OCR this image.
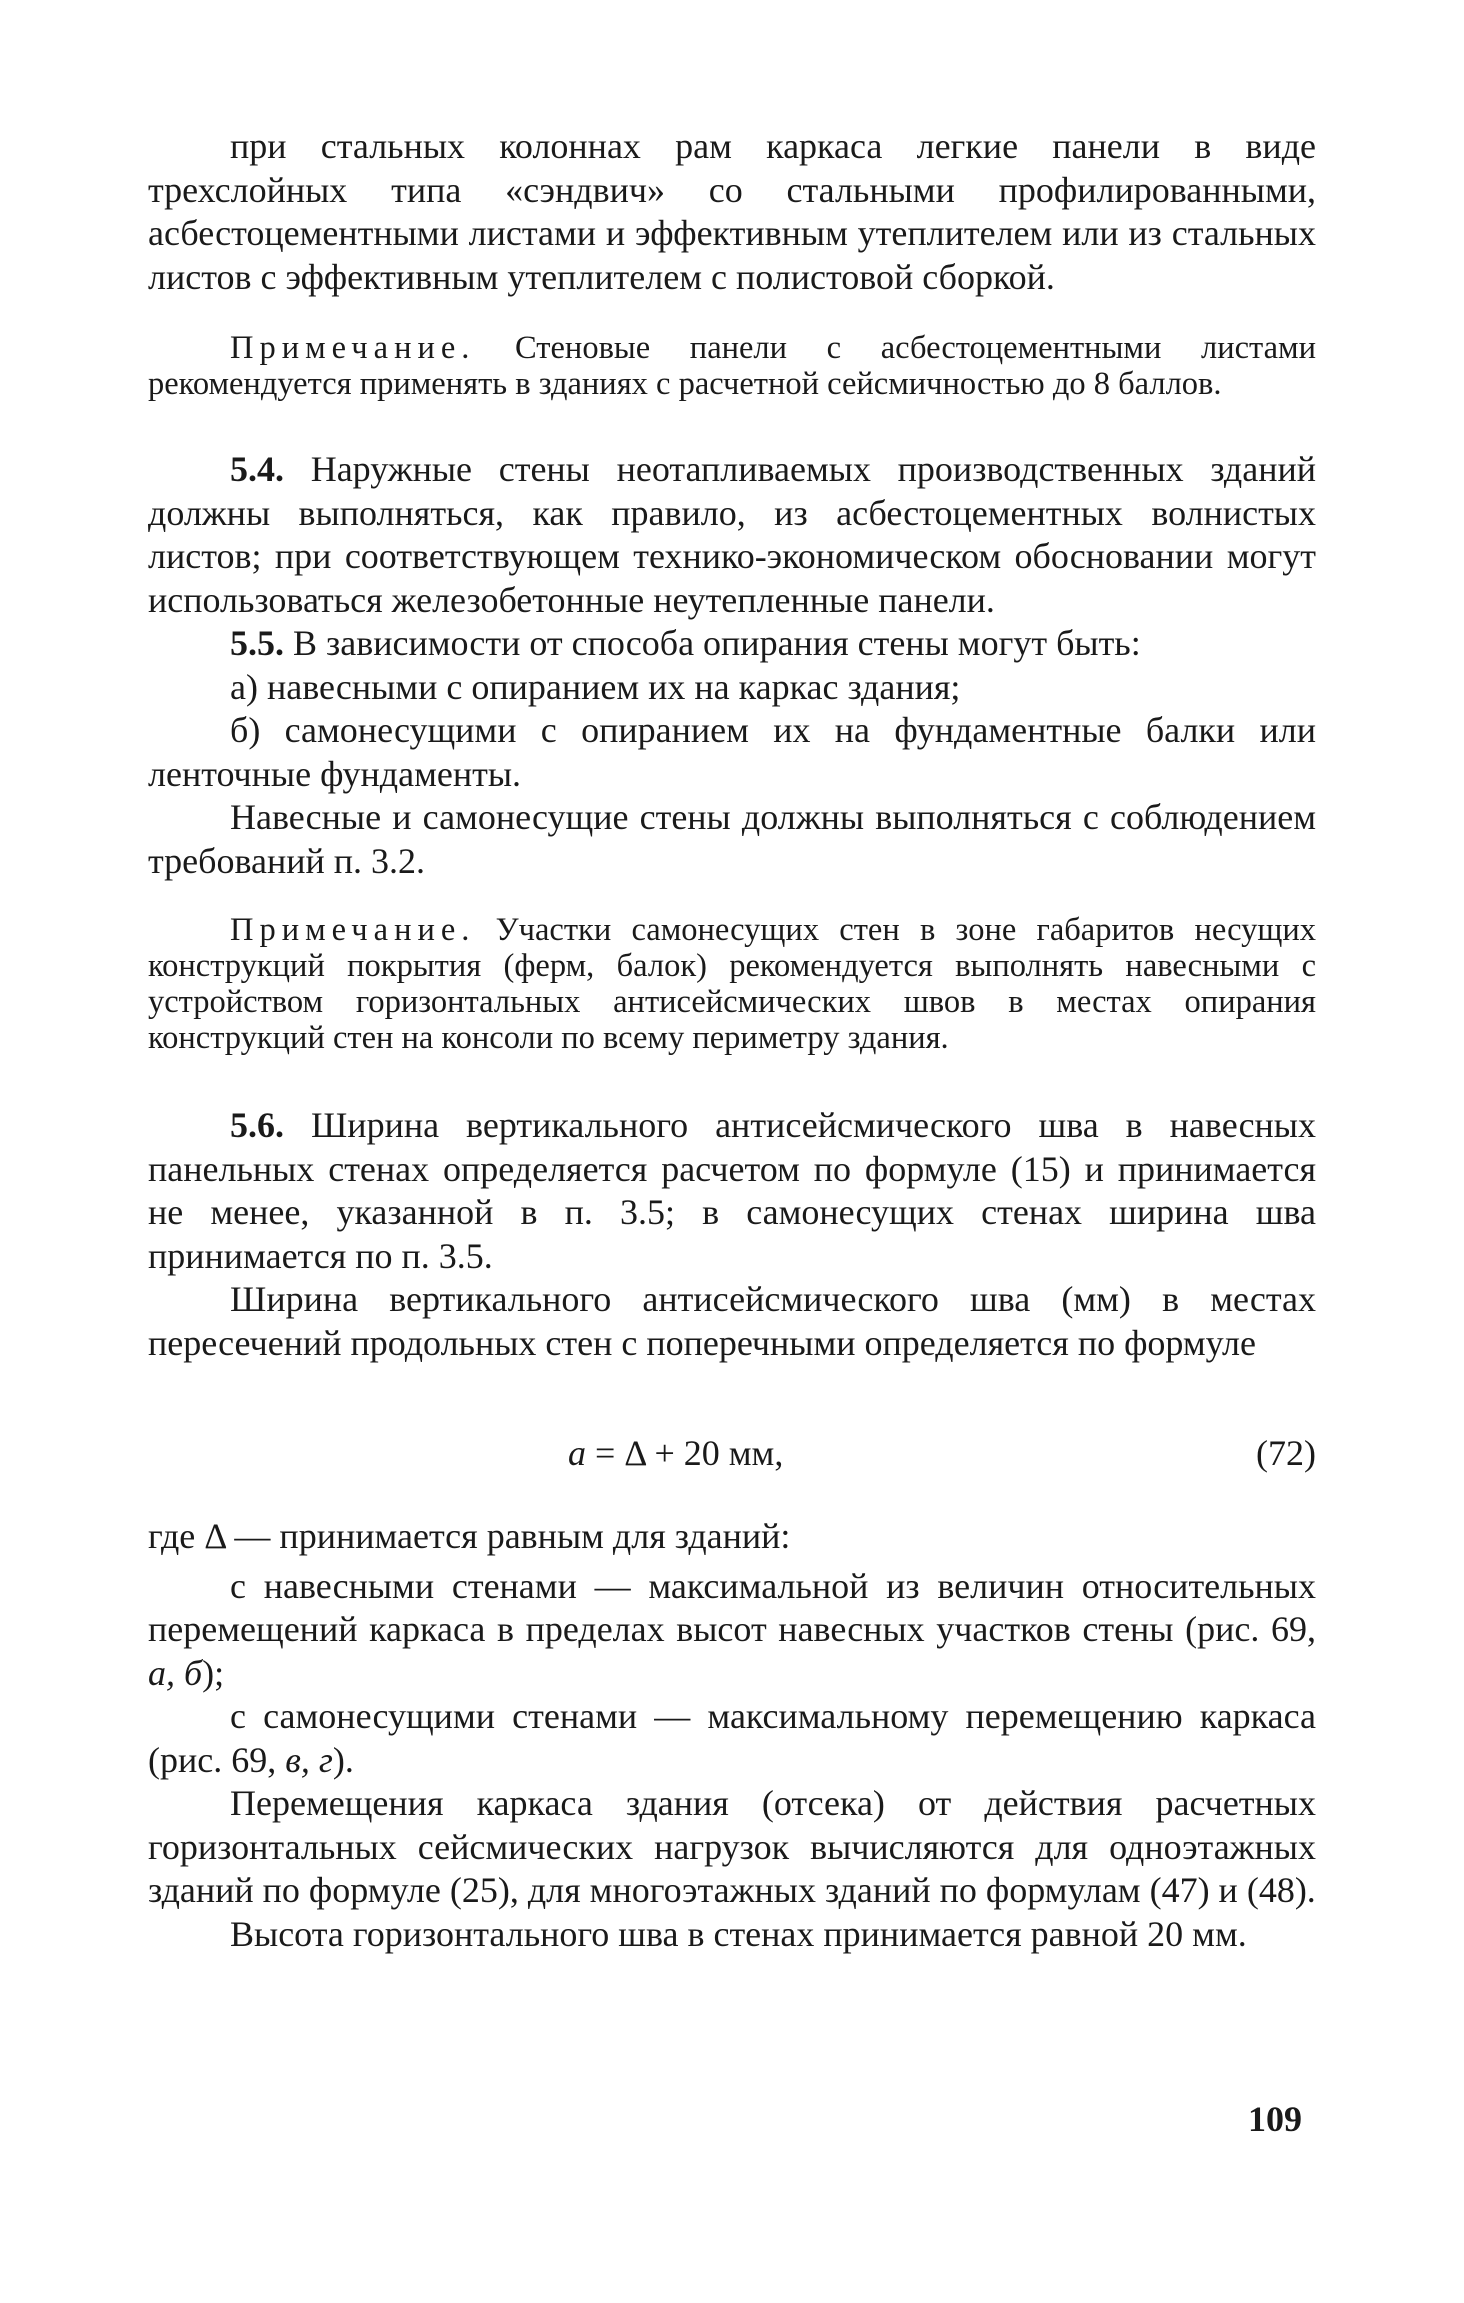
при стальных колоннах рам каркаса легкие панели в виде трехслойных типа «сэндвич» со стальными профилированными, асбестоцементными листами и эффективным утеплителем или из стальных листов с эффективным утеплителем с полистовой сборкой.

Примечание. Стеновые панели с асбестоцементными листами рекомендуется применять в зданиях с расчетной сейсмичностью до 8 баллов.

5.4. Наружные стены неотапливаемых производственных зданий должны выполняться, как правило, из асбестоцементных волнистых листов; при соответствующем технико-экономическом обосновании могут использоваться железобетонные неутепленные панели.

5.5. В зависимости от способа опирания стены могут быть:

а) навесными с опиранием их на каркас здания;

б) самонесущими с опиранием их на фундаментные балки или ленточные фундаменты.

Навесные и самонесущие стены должны выполняться с соблюдением требований п. 3.2.

Примечание. Участки самонесущих стен в зоне габаритов несущих конструкций покрытия (ферм, балок) рекомендуется выполнять навесными с устройством горизонтальных антисейсмических швов в местах опирания конструкций стен на консоли по всему периметру здания.

5.6. Ширина вертикального антисейсмического шва в навесных панельных стенах определяется расчетом по формуле (15) и принимается не менее, указанной в п. 3.5; в самонесущих стенах ширина шва принимается по п. 3.5.

Ширина вертикального антисейсмического шва (мм) в местах пересечений продольных стен с поперечными определяется по формуле

a = Δ + 20 мм,	(72)

где Δ — принимается равным для зданий:

с навесными стенами — максимальной из величин относительных перемещений каркаса в пределах высот навесных участков стены (рис. 69, а, б);

с самонесущими стенами — максимальному перемещению каркаса (рис. 69, в, г).

Перемещения каркаса здания (отсека) от действия расчетных горизонтальных сейсмических нагрузок вычисляются для одноэтажных зданий по формуле (25), для многоэтажных зданий по формулам (47) и (48).

Высота горизонтального шва в стенах принимается равной 20 мм.

109
